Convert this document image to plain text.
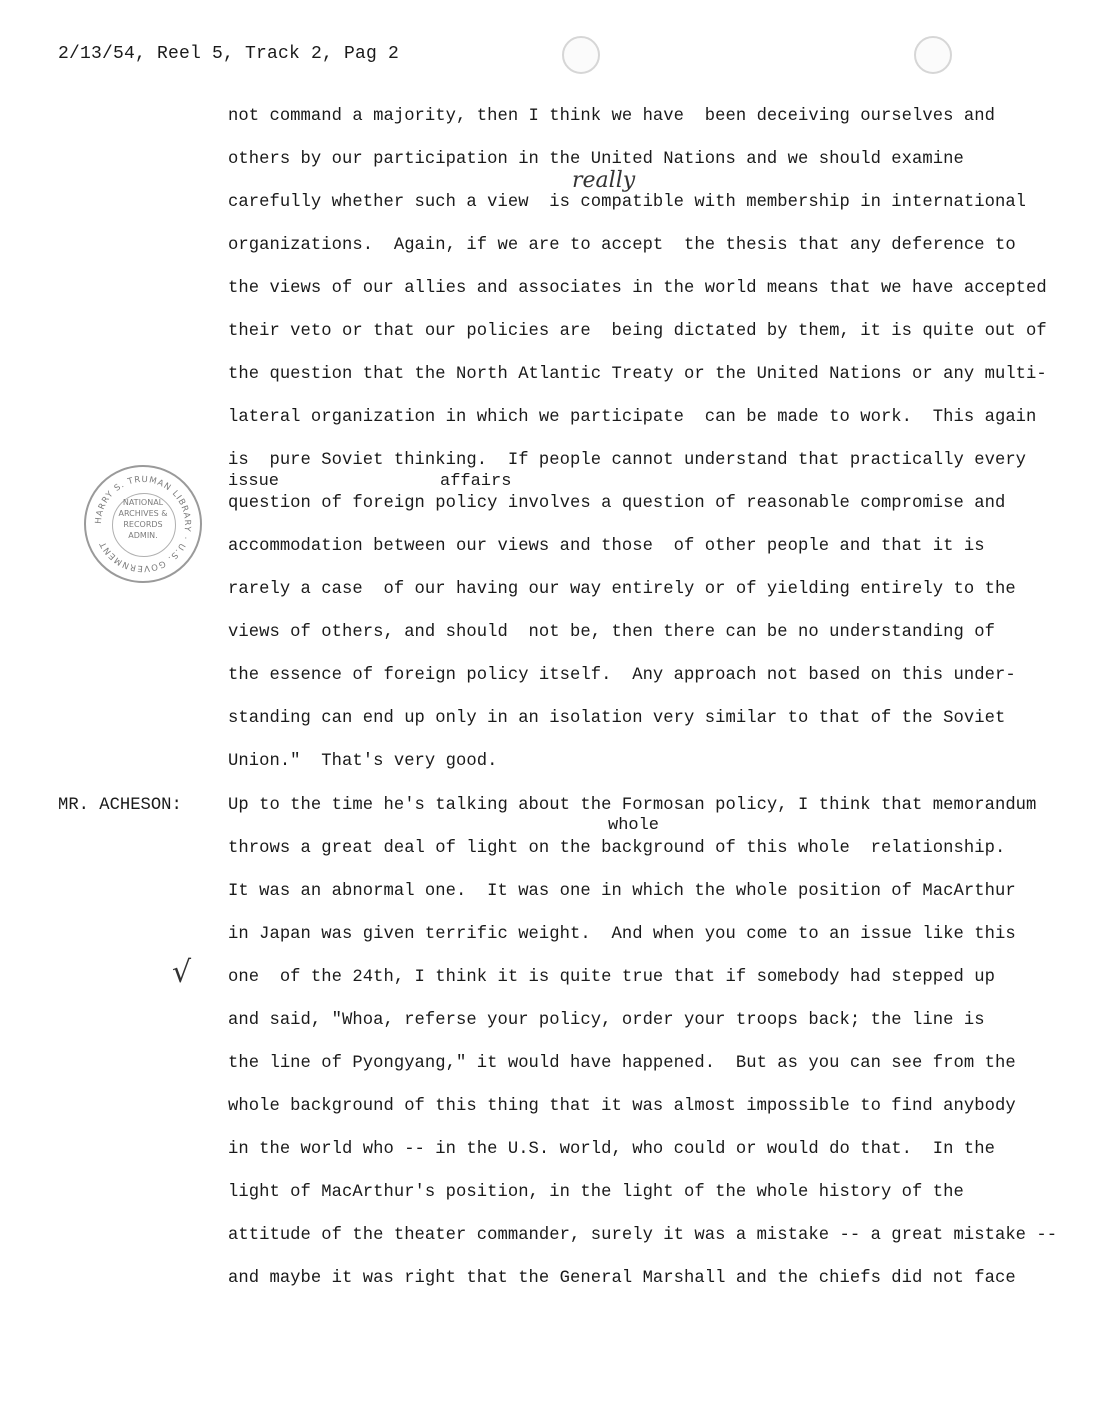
2/13/54, Reel 5, Track 2, Pag 2
not command a majority, then I think we have  been deceiving ourselves and
others by our participation in the United Nations and we should examine
carefully whether such a view  is compatible with membership in international
organizations.  Again, if we are to accept  the thesis that any deference to
the views of our allies and associates in the world means that we have accepted
their veto or that our policies are  being dictated by them, it is quite out of
the question that the North Atlantic Treaty or the United Nations or any multi-
lateral organization in which we participate  can be made to work.  This again
is  pure Soviet thinking.  If people cannot understand that practically every
question of foreign policy involves a question of reasonable compromise and
accommodation between our views and those  of other people and that it is
rarely a case  of our having our way entirely or of yielding entirely to the
views of others, and should  not be, then there can be no understanding of
the essence of foreign policy itself.  Any approach not based on this under-
standing can end up only in an isolation very similar to that of the Soviet
Union."  That's very good.
really
issue	affairs
whole
√
MR. ACHESON:	Up to the time he's talking about the Formosan policy, I think that memorandum
throws a great deal of light on the background of this whole  relationship.
It was an abnormal one.  It was one in which the whole position of MacArthur
in Japan was given terrific weight.  And when you come to an issue like this
one  of the 24th, I think it is quite true that if somebody had stepped up
and said, "Whoa, referse your policy, order your troops back; the line is
the line of Pyongyang," it would have happened.  But as you can see from the
whole background of this thing that it was almost impossible to find anybody
in the world who -- in the U.S. world, who could or would do that.  In the
light of MacArthur's position, in the light of the whole history of the
attitude of the theater commander, surely it was a mistake -- a great mistake --
and maybe it was right that the General Marshall and the chiefs did not face
HARRY S. TRUMAN LIBRARY · U.S. GOVERNMENT
NATIONAL
ARCHIVES &
RECORDS
ADMIN.
